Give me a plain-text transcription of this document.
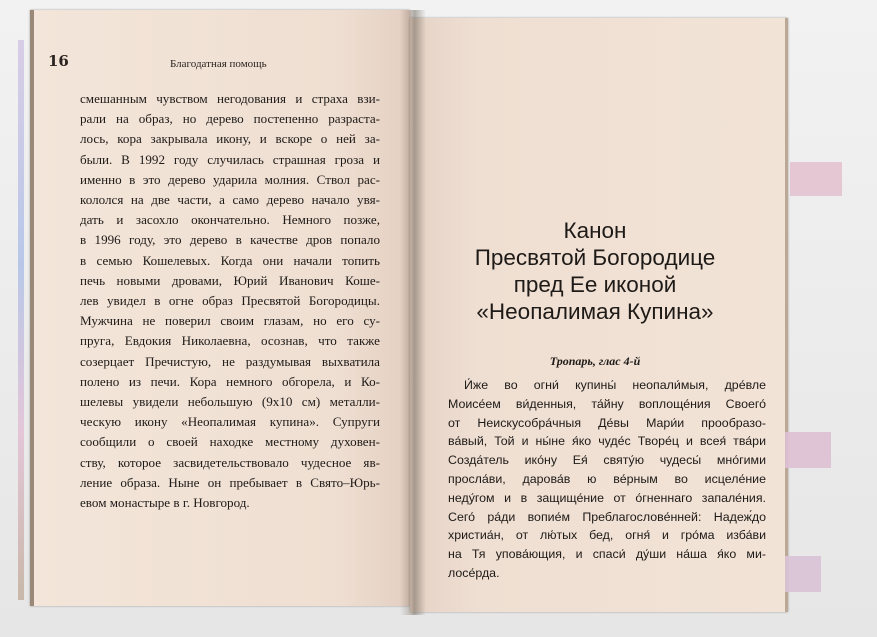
16	Благодатная помощь
смешанным чувством негодования и страха взи-
рали на образ, но дерево постепенно разраста-
лось, кора закрывала икону, и вскоре о ней за-
были. В 1992 году случилась страшная гроза и
именно в это дерево ударила молния. Ствол рас-
кололся на две части, а само дерево начало увя-
дать и засохло окончательно. Немного позже,
в 1996 году, это дерево в качестве дров попало
в семью Кошелевых. Когда они начали топить
печь новыми дровами, Юрий Иванович Коше-
лев увидел в огне образ Пресвятой Богородицы.
Мужчина не поверил своим глазам, но его су-
пруга, Евдокия Николаевна, осознав, что также
созерцает Пречистую, не раздумывая выхватила
полено из печи. Кора немного обгорела, и Ко-
шелевы увидели небольшую (9x10 см) металли-
ческую икону «Неопалимая купина». Супруги
сообщили о своей находке местному духовен-
ству, которое засвидетельствовало чудесное яв-
ление образа. Ныне он пребывает в Свято–Юрь-
евом монастыре в г. Новгород.
Канон
Пресвятой Богородице
пред Ее иконой
«Неопалимая Купина»
Тропарь, глас 4-й
И́же во огни́ купины́ неопали́мыя, дре́вле
Моисе́ем ви́денныя, та́йну воплоще́ния Своего́
от Неискусобра́чныя Де́вы Мари́и прообразо-
ва́вый, Той и ны́не я́ко чуде́с Творе́ц и всея́ тва́ри
Созда́тель ико́ну Ея́ святу́ю чудесы́ мно́гими
просла́ви, дарова́в ю ве́рным во исцеле́ние
неду́гом и в защище́ние от о́гненнаго запале́ния.
Сего́ ра́ди вопие́м Преблагослове́нней: Надеж́до
христиа́н, от лю́тых бед, огня́ и гро́ма изба́ви
на Тя упова́ющия, и спаси́ ду́ши на́ша я́ко ми-
лосе́рда.
